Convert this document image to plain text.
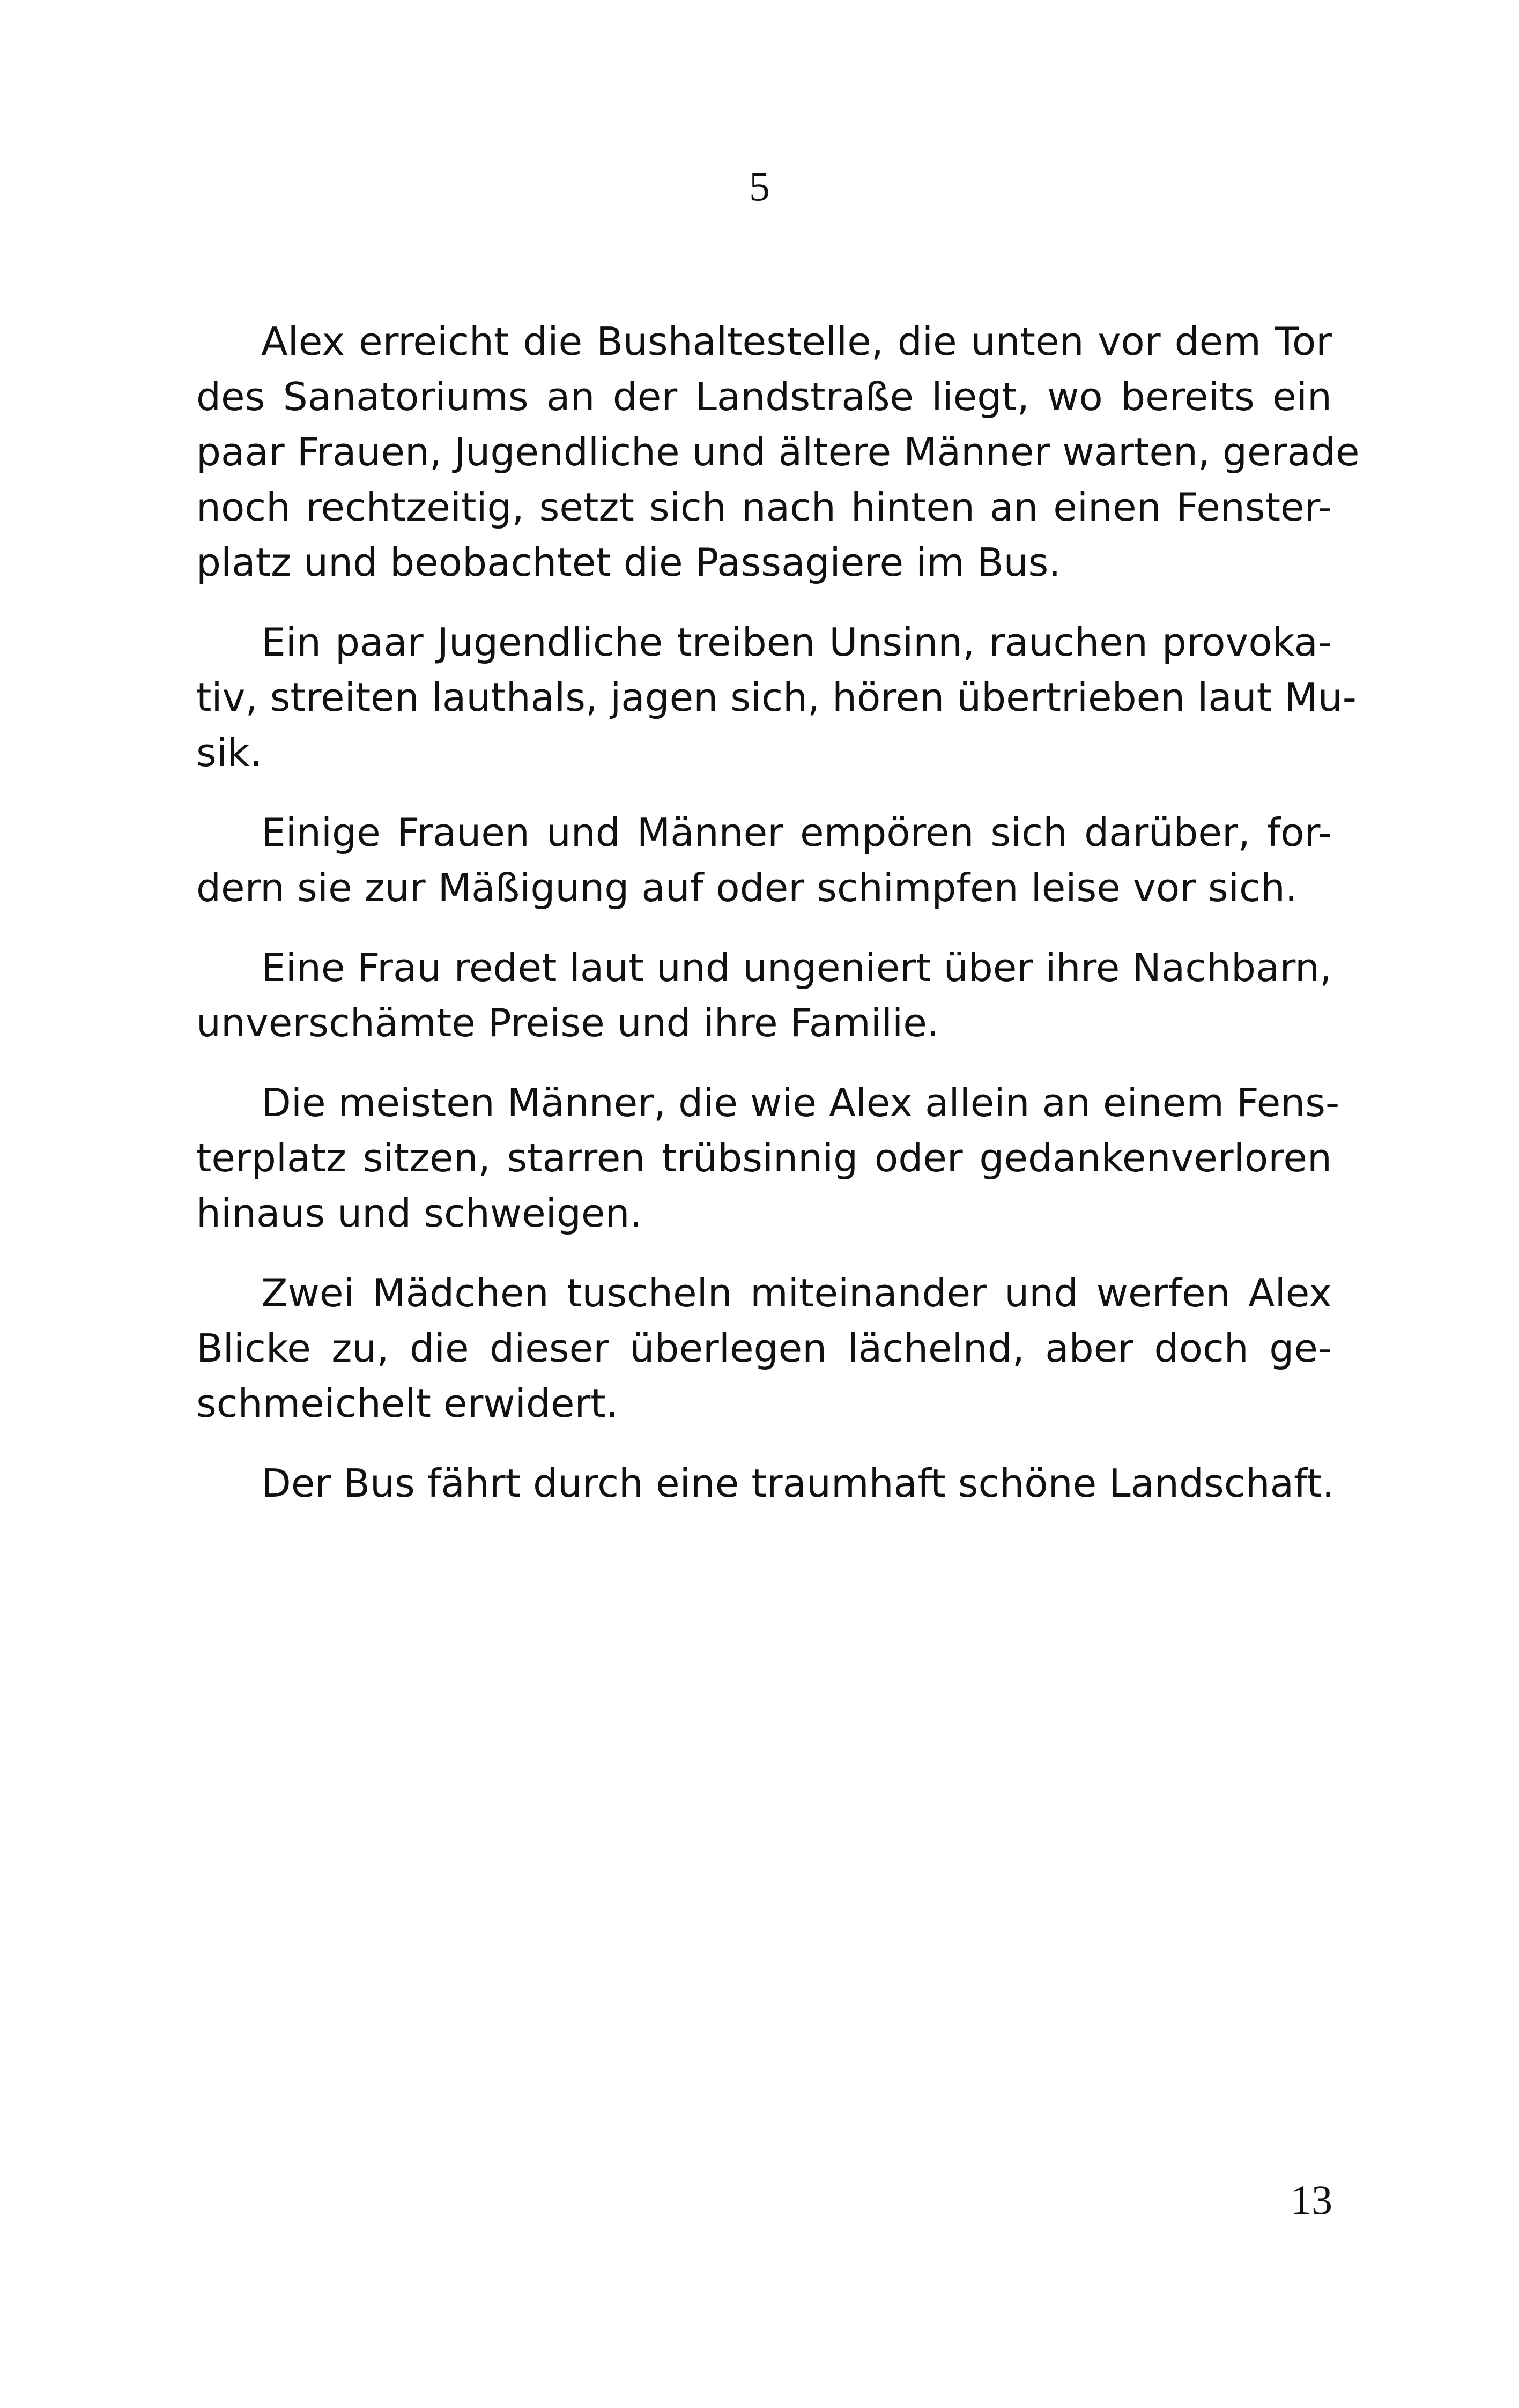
5
Alex erreicht die Bushaltestelle, die unten vor dem Tor
des Sanatoriums an der Landstraße liegt, wo bereits ein
paar Frauen, Jugendliche und ältere Männer warten, gerade
noch rechtzeitig, setzt sich nach hinten an einen Fenster-
platz und beobachtet die Passagiere im Bus.
Ein paar Jugendliche treiben Unsinn, rauchen provoka-
tiv, streiten lauthals, jagen sich, hören übertrieben laut Mu-
sik.
Einige Frauen und Männer empören sich darüber, for-
dern sie zur Mäßigung auf oder schimpfen leise vor sich.
Eine Frau redet laut und ungeniert über ihre Nachbarn,
unverschämte Preise und ihre Familie.
Die meisten Männer, die wie Alex allein an einem Fens-
terplatz sitzen, starren trübsinnig oder gedankenverloren
hinaus und schweigen.
Zwei Mädchen tuscheln miteinander und werfen Alex
Blicke zu, die dieser überlegen lächelnd, aber doch ge-
schmeichelt erwidert.
Der Bus fährt durch eine traumhaft schöne Landschaft.
13
